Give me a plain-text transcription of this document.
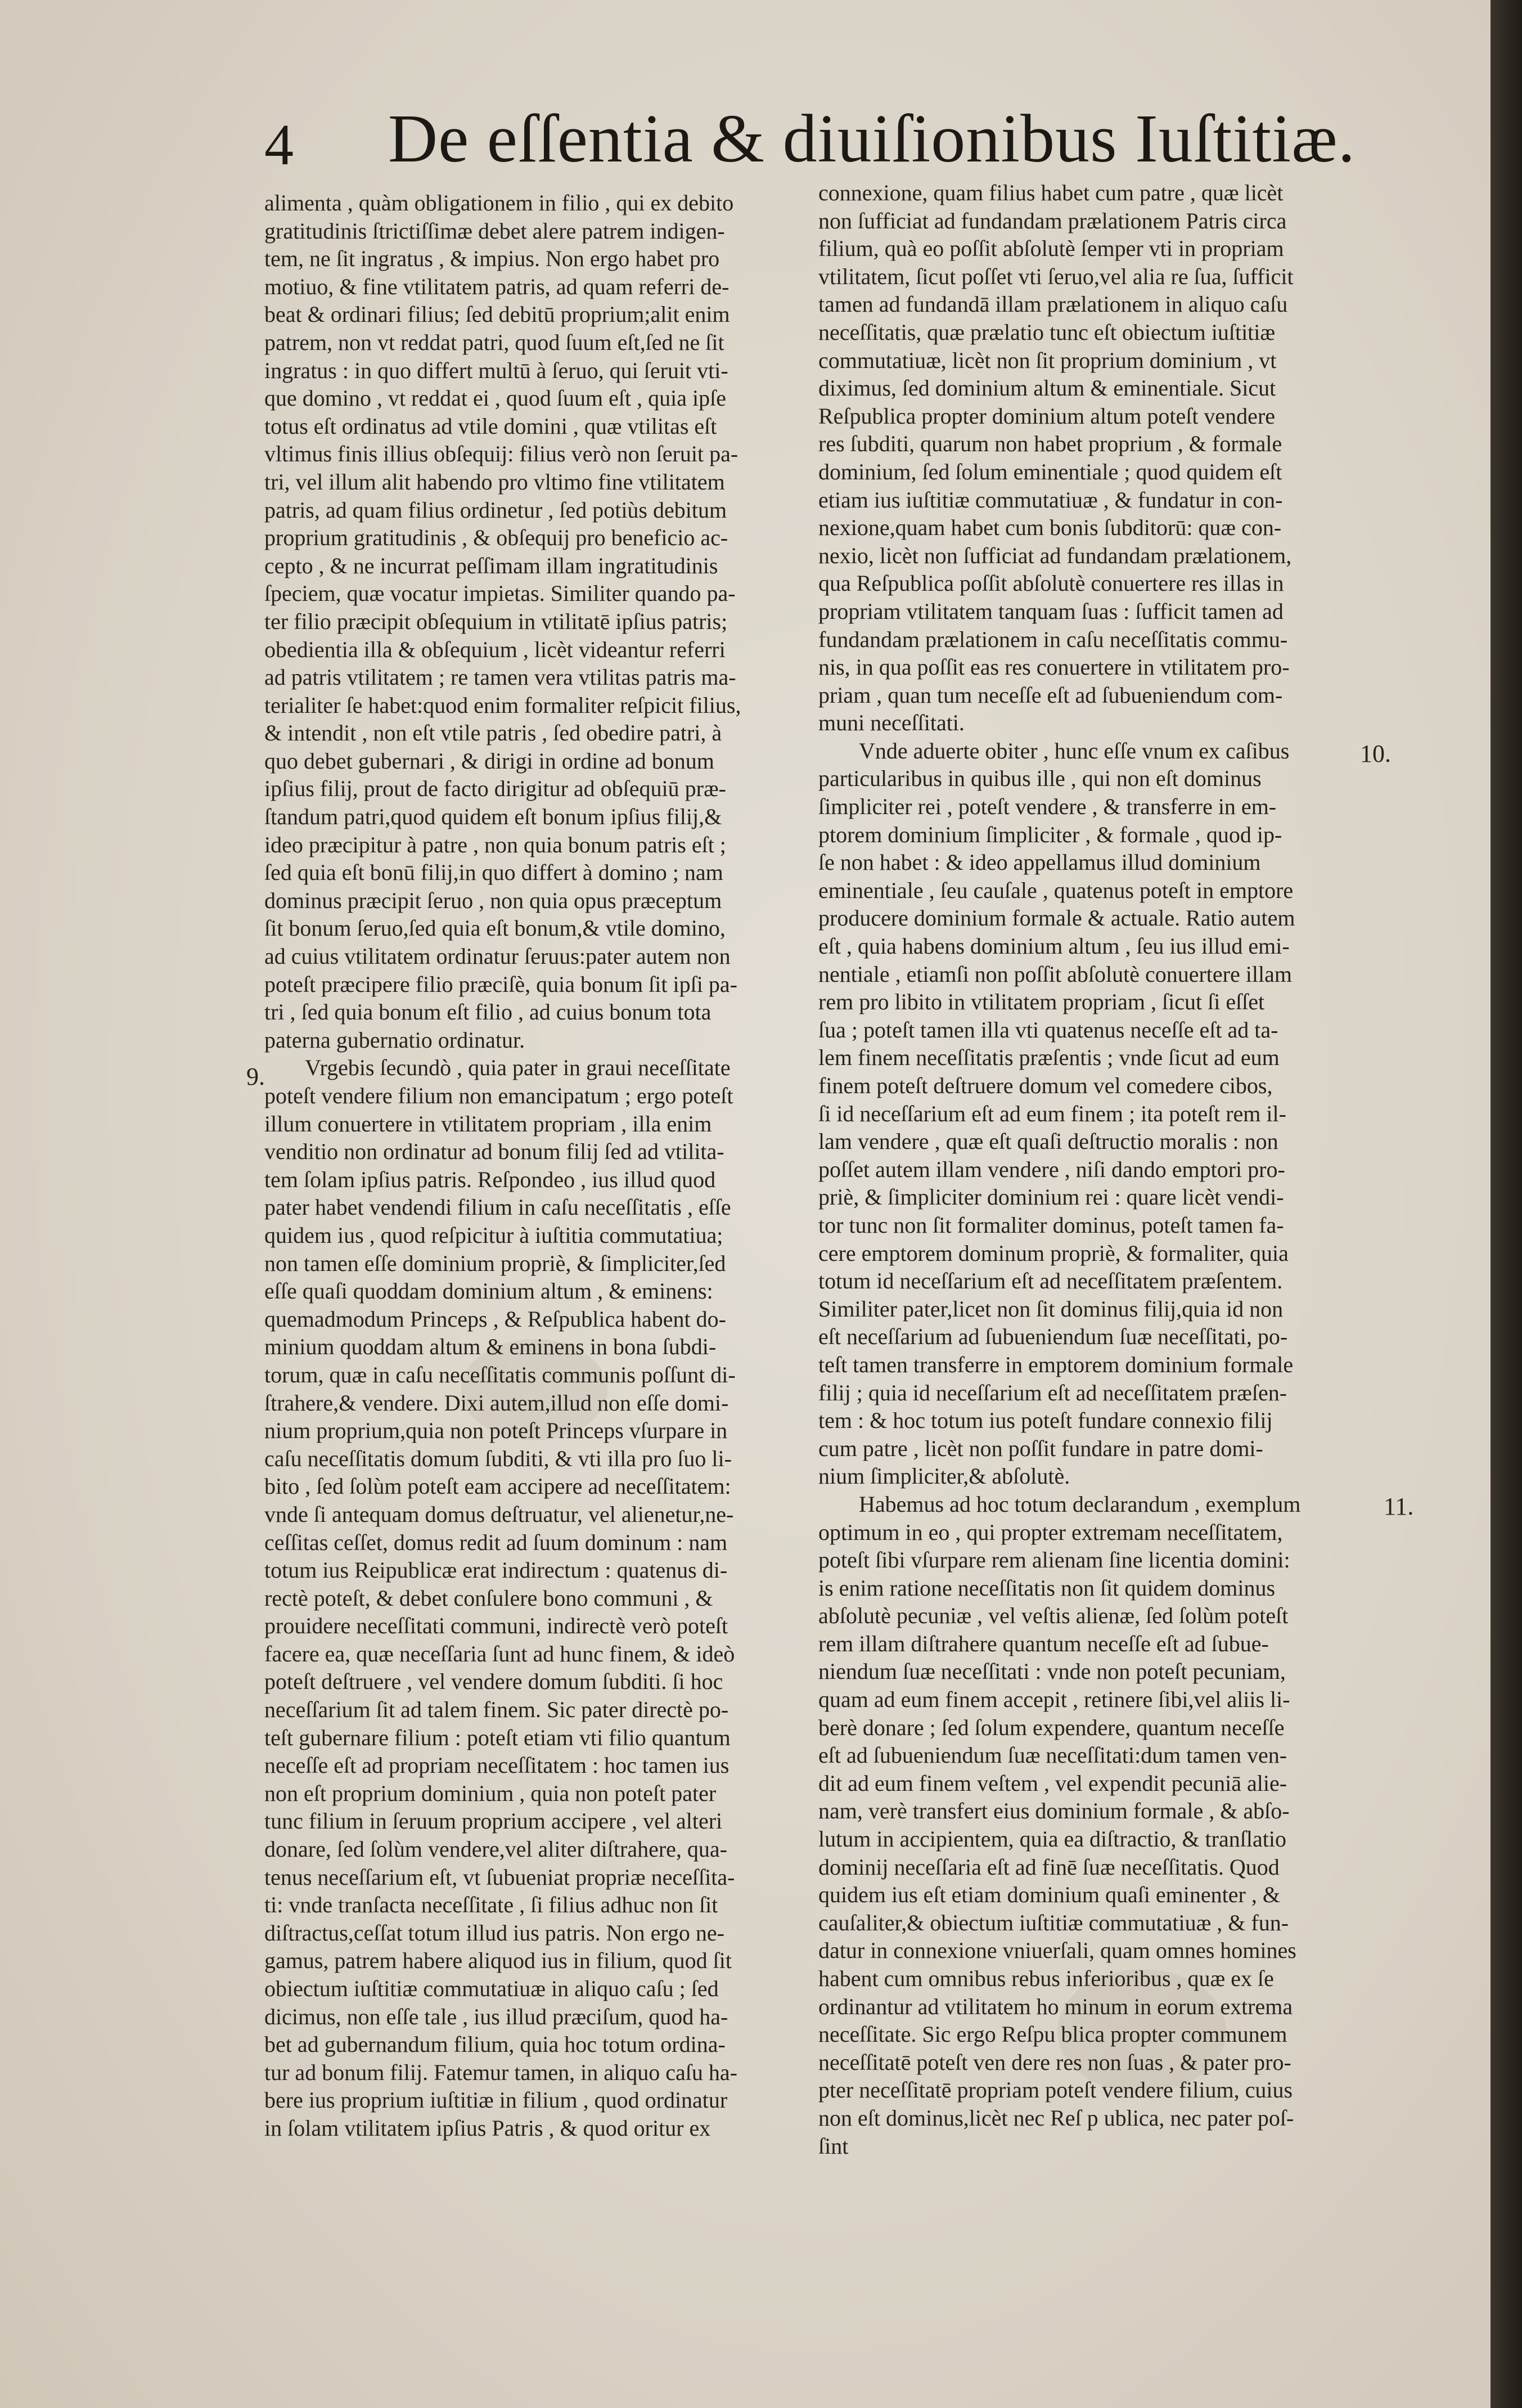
4 De eſſentia & diuiſionibus Iuſtitiæ.
alimenta , quàm obligationem in filio , qui ex debito
gratitudinis ſtrictiſſimæ debet alere patrem indigen-
tem, ne ſit ingratus , & impius. Non ergo habet pro
motiuo, & fine vtilitatem patris, ad quam referri de-
beat & ordinari filius; ſed debitū proprium;alit enim
patrem, non vt reddat patri, quod ſuum eſt,ſed ne ſit
ingratus : in quo differt multū à ſeruo, qui ſeruit vti-
que domino , vt reddat ei , quod ſuum eſt , quia ipſe
totus eſt ordinatus ad vtile domini , quæ vtilitas eſt
vltimus finis illius obſequij: filius verò non ſeruit pa-
tri, vel illum alit habendo pro vltimo fine vtilitatem
patris, ad quam filius ordinetur , ſed potiùs debitum
proprium gratitudinis , & obſequij pro beneficio ac-
cepto , & ne incurrat peſſimam illam ingratitudinis
ſpeciem, quæ vocatur impietas. Similiter quando pa-
ter filio præcipit obſequium in vtilitatē ipſius patris;
obedientia illa & obſequium , licèt videantur referri
ad patris vtilitatem ; re tamen vera vtilitas patris ma-
terialiter ſe habet:quod enim formaliter reſpicit filius,
& intendit , non eſt vtile patris , ſed obedire patri, à
quo debet gubernari , & dirigi in ordine ad bonum
ipſius filij, prout de facto dirigitur ad obſequiū præ-
ſtandum patri,quod quidem eſt bonum ipſius filij,&
ideo præcipitur à patre , non quia bonum patris eſt ;
ſed quia eſt bonū filij,in quo differt à domino ; nam
dominus præcipit ſeruo , non quia opus præceptum
ſit bonum ſeruo,ſed quia eſt bonum,& vtile domino,
ad cuius vtilitatem ordinatur ſeruus:pater autem non
poteſt præcipere filio præciſè, quia bonum ſit ipſi pa-
tri , ſed quia bonum eſt filio , ad cuius bonum tota
paterna gubernatio ordinatur.
Vrgebis ſecundò , quia pater in graui neceſſitate
poteſt vendere filium non emancipatum ; ergo poteſt
illum conuertere in vtilitatem propriam , illa enim
venditio non ordinatur ad bonum filij ſed ad vtilita-
tem ſolam ipſius patris. Reſpondeo , ius illud quod
pater habet vendendi filium in caſu neceſſitatis , eſſe
quidem ius , quod reſpicitur à iuſtitia commutatiua;
non tamen eſſe dominium propriè, & ſimpliciter,ſed
eſſe quaſi quoddam dominium altum , & eminens:
quemadmodum Princeps , & Reſpublica habent do-
minium quoddam altum & eminens in bona ſubdi-
torum, quæ in caſu neceſſitatis communis poſſunt di-
ſtrahere,& vendere. Dixi autem,illud non eſſe domi-
nium proprium,quia non poteſt Princeps vſurpare in
caſu neceſſitatis domum ſubditi, & vti illa pro ſuo li-
bito , ſed ſolùm poteſt eam accipere ad neceſſitatem:
vnde ſi antequam domus deſtruatur, vel alienetur,ne-
ceſſitas ceſſet, domus redit ad ſuum dominum : nam
totum ius Reipublicæ erat indirectum : quatenus di-
rectè poteſt, & debet conſulere bono communi , &
prouidere neceſſitati communi, indirectè verò poteſt
facere ea, quæ neceſſaria ſunt ad hunc finem, & ideò
poteſt deſtruere , vel vendere domum ſubditi. ſi hoc
neceſſarium ſit ad talem finem. Sic pater directè po-
teſt gubernare filium : poteſt etiam vti filio quantum
neceſſe eſt ad propriam neceſſitatem : hoc tamen ius
non eſt proprium dominium , quia non poteſt pater
tunc filium in ſeruum proprium accipere , vel alteri
donare, ſed ſolùm vendere,vel aliter diſtrahere, qua-
tenus neceſſarium eſt, vt ſubueniat propriæ neceſſita-
ti: vnde tranſacta neceſſitate , ſi filius adhuc non ſit
diſtractus,ceſſat totum illud ius patris. Non ergo ne-
gamus, patrem habere aliquod ius in filium, quod ſit
obiectum iuſtitiæ commutatiuæ in aliquo caſu ; ſed
dicimus, non eſſe tale , ius illud præciſum, quod ha-
bet ad gubernandum filium, quia hoc totum ordina-
tur ad bonum filij. Fatemur tamen, in aliquo caſu ha-
bere ius proprium iuſtitiæ in filium , quod ordinatur
in ſolam vtilitatem ipſius Patris , & quod oritur ex
connexione, quam filius habet cum patre , quæ licèt
non ſufficiat ad fundandam prælationem Patris circa
filium, quà eo poſſit abſolutè ſemper vti in propriam
vtilitatem, ſicut poſſet vti ſeruo,vel alia re ſua, ſufficit
tamen ad fundandā illam prælationem in aliquo caſu
neceſſitatis, quæ prælatio tunc eſt obiectum iuſtitiæ
commutatiuæ, licèt non ſit proprium dominium , vt
diximus, ſed dominium altum & eminentiale. Sicut
Reſpublica propter dominium altum poteſt vendere
res ſubditi, quarum non habet proprium , & formale
dominium, ſed ſolum eminentiale ; quod quidem eſt
etiam ius iuſtitiæ commutatiuæ , & fundatur in con-
nexione,quam habet cum bonis ſubditorū: quæ con-
nexio, licèt non ſufficiat ad fundandam prælationem,
qua Reſpublica poſſit abſolutè conuertere res illas in
propriam vtilitatem tanquam ſuas : ſufficit tamen ad
fundandam prælationem in caſu neceſſitatis commu-
nis, in qua poſſit eas res conuertere in vtilitatem pro-
priam , quan tum neceſſe eſt ad ſubueniendum com-
muni neceſſitati.
Vnde aduerte obiter , hunc eſſe vnum ex caſibus
particularibus in quibus ille , qui non eſt dominus
ſimpliciter rei , poteſt vendere , & transferre in em-
ptorem dominium ſimpliciter , & formale , quod ip-
ſe non habet : & ideo appellamus illud dominium
eminentiale , ſeu cauſale , quatenus poteſt in emptore
producere dominium formale & actuale. Ratio autem
eſt , quia habens dominium altum , ſeu ius illud emi-
nentiale , etiamſi non poſſit abſolutè conuertere illam
rem pro libito in vtilitatem propriam , ſicut ſi eſſet
ſua ; poteſt tamen illa vti quatenus neceſſe eſt ad ta-
lem finem neceſſitatis præſentis ; vnde ſicut ad eum
finem poteſt deſtruere domum vel comedere cibos,
ſi id neceſſarium eſt ad eum finem ; ita poteſt rem il-
lam vendere , quæ eſt quaſi deſtructio moralis : non
poſſet autem illam vendere , niſi dando emptori pro-
priè, & ſimpliciter dominium rei : quare licèt vendi-
tor tunc non ſit formaliter dominus, poteſt tamen fa-
cere emptorem dominum propriè, & formaliter, quia
totum id neceſſarium eſt ad neceſſitatem præſentem.
Similiter pater,licet non ſit dominus filij,quia id non
eſt neceſſarium ad ſubueniendum ſuæ neceſſitati, po-
teſt tamen transferre in emptorem dominium formale
filij ; quia id neceſſarium eſt ad neceſſitatem præſen-
tem : & hoc totum ius poteſt fundare connexio filij
cum patre , licèt non poſſit fundare in patre domi-
nium ſimpliciter,& abſolutè.
Habemus ad hoc totum declarandum , exemplum
optimum in eo , qui propter extremam neceſſitatem,
poteſt ſibi vſurpare rem alienam ſine licentia domini:
is enim ratione neceſſitatis non ſit quidem dominus
abſolutè pecuniæ , vel veſtis alienæ, ſed ſolùm poteſt
rem illam diſtrahere quantum neceſſe eſt ad ſubue-
niendum ſuæ neceſſitati : vnde non poteſt pecuniam,
quam ad eum finem accepit , retinere ſibi,vel aliis li-
berè donare ; ſed ſolum expendere, quantum neceſſe
eſt ad ſubueniendum ſuæ neceſſitati:dum tamen ven-
dit ad eum finem veſtem , vel expendit pecuniā alie-
nam, verè transfert eius dominium formale , & abſo-
lutum in accipientem, quia ea diſtractio, & tranſlatio
dominij neceſſaria eſt ad finē ſuæ neceſſitatis. Quod
quidem ius eſt etiam dominium quaſi eminenter , &
cauſaliter,& obiectum iuſtitiæ commutatiuæ , & fun-
datur in connexione vniuerſali, quam omnes homines
habent cum omnibus rebus inferioribus , quæ ex ſe
ordinantur ad vtilitatem ho minum in eorum extrema
neceſſitate. Sic ergo Reſpu blica propter communem
neceſſitatē poteſt ven dere res non ſuas , & pater pro-
pter neceſſitatē propriam poteſt vendere filium, cuius
non eſt dominus,licèt nec Reſ p ublica, nec pater poſ-
ſint
9.
10.
11.
